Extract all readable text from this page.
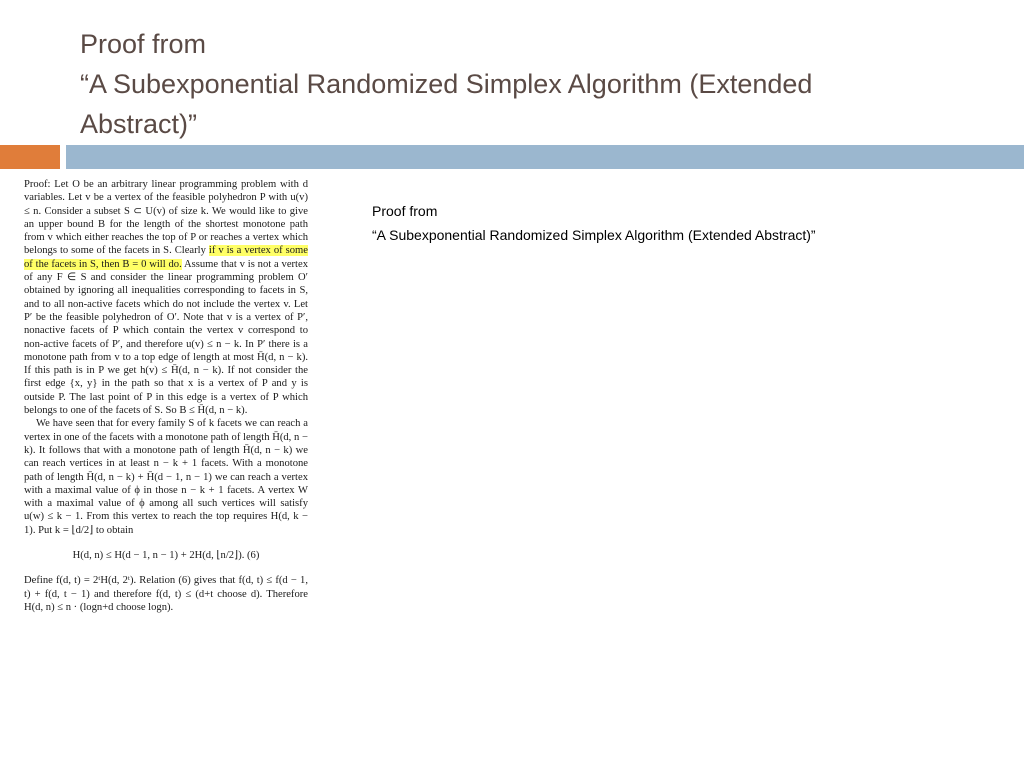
Proof from
“A Subexponential Randomized Simplex Algorithm (Extended
Abstract)”

Proof: Let O be an arbitrary linear programming problem with d variables. Let v be a vertex of the feasible polyhedron P with u(v) ≤ n. Consider a subset S ⊂ U(v) of size k. We would like to give an upper bound B for the length of the shortest monotone path from v which either reaches the top of P or reaches a vertex which belongs to some of the facets in S. Clearly if v is a vertex of some of the facets in S, then B = 0 will do. Assume that v is not a vertex of any F ∈ S and consider the linear programming problem O′ obtained by ignoring all inequalities corresponding to facets in S, and to all non-active facets which do not include the vertex v. Let P′ be the feasible polyhedron of O′. Note that v is a vertex of P′, nonactive facets of P which contain the vertex v correspond to non-active facets of P′, and therefore u(v) ≤ n − k. In P′ there is a monotone path from v to a top edge of length at most H̄(d, n − k). If this path is in P we get h(v) ≤ H̄(d, n − k). If not consider the first edge {x, y} in the path so that x is a vertex of P and y is outside P. The last point of P in this edge is a vertex of P which belongs to one of the facets of S. So B ≤ H̄(d, n − k).

We have seen that for every family S of k facets we can reach a vertex in one of the facets with a monotone path of length H̄(d, n − k). It follows that with a monotone path of length H̄(d, n − k) we can reach vertices in at least n − k + 1 facets. With a monotone path of length H̄(d, n − k) + H̄(d − 1, n − 1) we can reach a vertex with a maximal value of ϕ in those n − k + 1 facets. A vertex W with a maximal value of ϕ among all such vertices will satisfy u(w) ≤ k − 1. From this vertex to reach the top requires H(d, k − 1). Put k = ⌊d/2⌋ to obtain

H(d, n) ≤ H(d − 1, n − 1) + 2H(d, ⌊n/2⌋). (6)

Define f(d, t) = 2ᵗH(d, 2ᵗ). Relation (6) gives that f(d, t) ≤ f(d − 1, t) + f(d, t − 1) and therefore f(d, t) ≤ (d+t choose d). Therefore H(d, n) ≤ n · (logn+d choose logn).

Proof from
“A Subexponential Randomized Simplex Algorithm (Extended Abstract)”
